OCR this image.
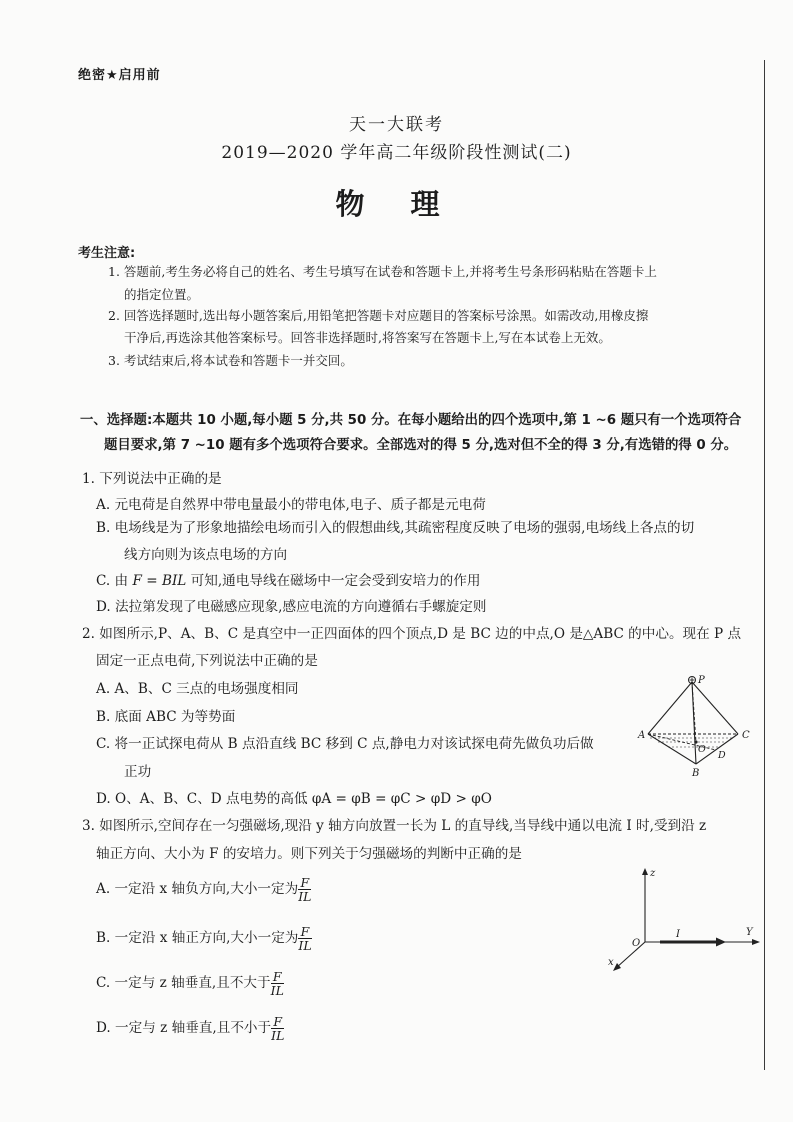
绝密★启用前
天一大联考
2019—2020 学年高二年级阶段性测试(二)
物 理
考生注意:
1. 答题前,考生务必将自己的姓名、考生号填写在试卷和答题卡上,并将考生号条形码粘贴在答题卡上
的指定位置。
2. 回答选择题时,选出每小题答案后,用铅笔把答题卡对应题目的答案标号涂黑。如需改动,用橡皮擦
干净后,再选涂其他答案标号。回答非选择题时,将答案写在答题卡上,写在本试卷上无效。
3. 考试结束后,将本试卷和答题卡一并交回。
一、选择题:本题共 10 小题,每小题 5 分,共 50 分。在每小题给出的四个选项中,第 1 ~6 题只有一个选项符合
题目要求,第 7 ~10 题有多个选项符合要求。全部选对的得 5 分,选对但不全的得 3 分,有选错的得 0 分。
1. 下列说法中正确的是
A. 元电荷是自然界中带电量最小的带电体,电子、质子都是元电荷
B. 电场线是为了形象地描绘电场而引入的假想曲线,其疏密程度反映了电场的强弱,电场线上各点的切
线方向则为该点电场的方向
C. 由 F = BIL 可知,通电导线在磁场中一定会受到安培力的作用
D. 法拉第发现了电磁感应现象,感应电流的方向遵循右手螺旋定则
2. 如图所示,P、A、B、C 是真空中一正四面体的四个顶点,D 是 BC 边的中点,O 是△ABC 的中心。现在 P 点
固定一正点电荷,下列说法中正确的是
A. A、B、C 三点的电场强度相同
B. 底面 ABC 为等势面
C. 将一正试探电荷从 B 点沿直线 BC 移到 C 点,静电力对该试探电荷先做负功后做
正功
D. O、A、B、C、D 点电势的高低 φA = φB = φC > φD > φO
P
A	C
B
D
O
3. 如图所示,空间存在一匀强磁场,现沿 y 轴方向放置一长为 L 的直导线,当导线中通以电流 I 时,受到沿 z
轴正方向、大小为 F 的安培力。则下列关于匀强磁场的判断中正确的是
A. 一定沿 x 轴负方向,大小一定为 $\frac{F}{IL}$
B. 一定沿 x 轴正方向,大小一定为 $\frac{F}{IL}$
C. 一定与 z 轴垂直,且不大于 $\frac{F}{IL}$
D. 一定与 z 轴垂直,且不小于 $\frac{F}{IL}$
z
Y
x
O
I
